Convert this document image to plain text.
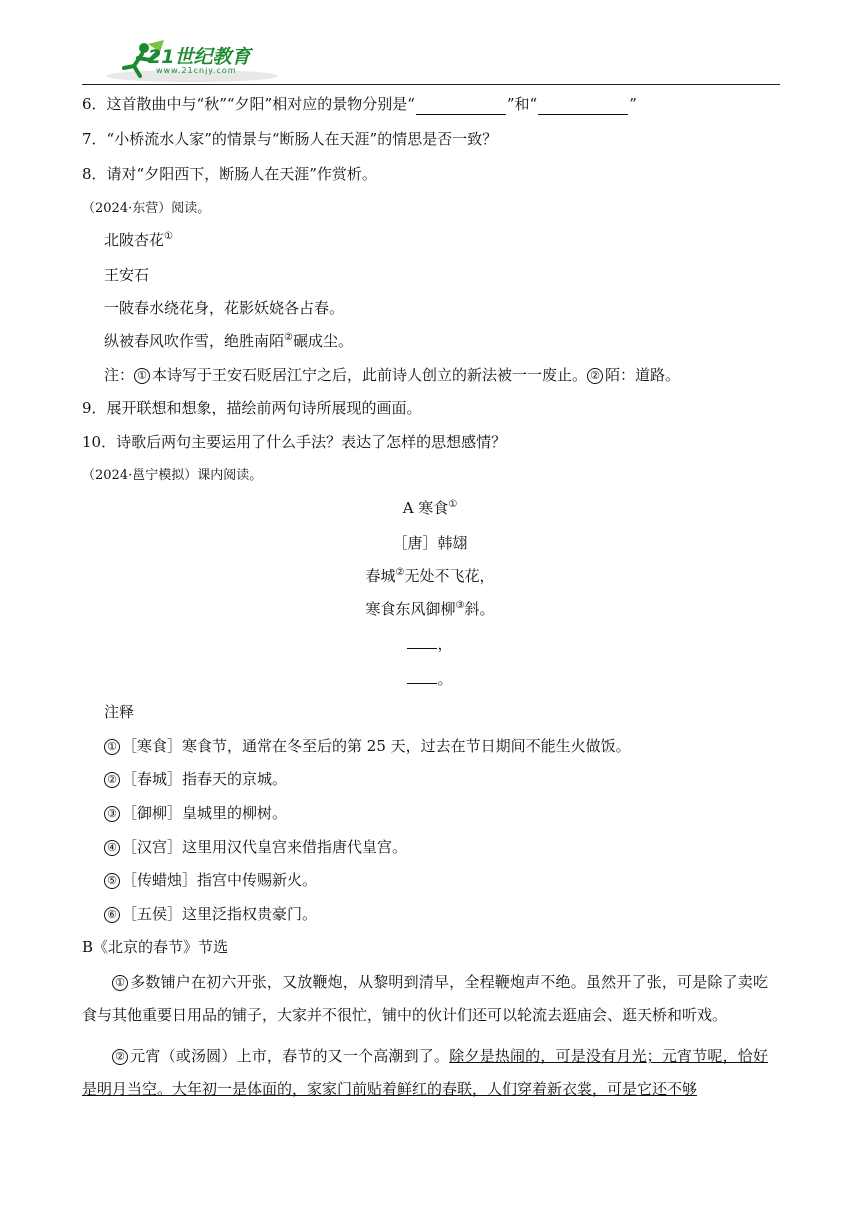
21世纪教育
www.21cnjy.com
6．这首散曲中与“秋”“夕阳”相对应的景物分别是“	”和“	”
7．“小桥流水人家”的情景与“断肠人在天涯”的情思是否一致？
8．请对“夕阳西下，断肠人在天涯”作赏析。
（2024·东营）阅读。
北陂杏花①
王安石
一陂春水绕花身，花影妖娆各占春。
纵被春风吹作雪，绝胜南陌②碾成尘。
注： ① 本诗写于王安石贬居江宁之后，此前诗人创立的新法被一一废止。 ② 陌：道路。
9．展开联想和想象，描绘前两句诗所展现的画面。
10．诗歌后两句主要运用了什么手法？表达了怎样的思想感情？
（2024·邕宁模拟）课内阅读。
A 寒食①
［唐］韩翃
春城②无处不飞花，
寒食东风御柳③斜。
，
。
注释
① ［寒食］寒食节，通常在冬至后的第 25 天，过去在节日期间不能生火做饭。
② ［春城］指春天的京城。
③ ［御柳］皇城里的柳树。
④ ［汉宫］这里用汉代皇宫来借指唐代皇宫。
⑤ ［传蜡烛］指宫中传赐新火。
⑥ ［五侯］这里泛指权贵豪门。
B《北京的春节》节选
① 多数铺户在初六开张，又放鞭炮，从黎明到清早，全程鞭炮声不绝。虽然开了张，可是除了卖吃食与其他重要日用品的铺子，大家并不很忙，铺中的伙计们还可以轮流去逛庙会、逛天桥和听戏。
② 元宵（或汤圆）上市，春节的又一个高潮到了。除夕是热闹的，可是没有月光；元宵节呢，恰好是明月当空。大年初一是体面的，家家门前贴着鲜红的春联，人们穿着新衣裳，可是它还不够
